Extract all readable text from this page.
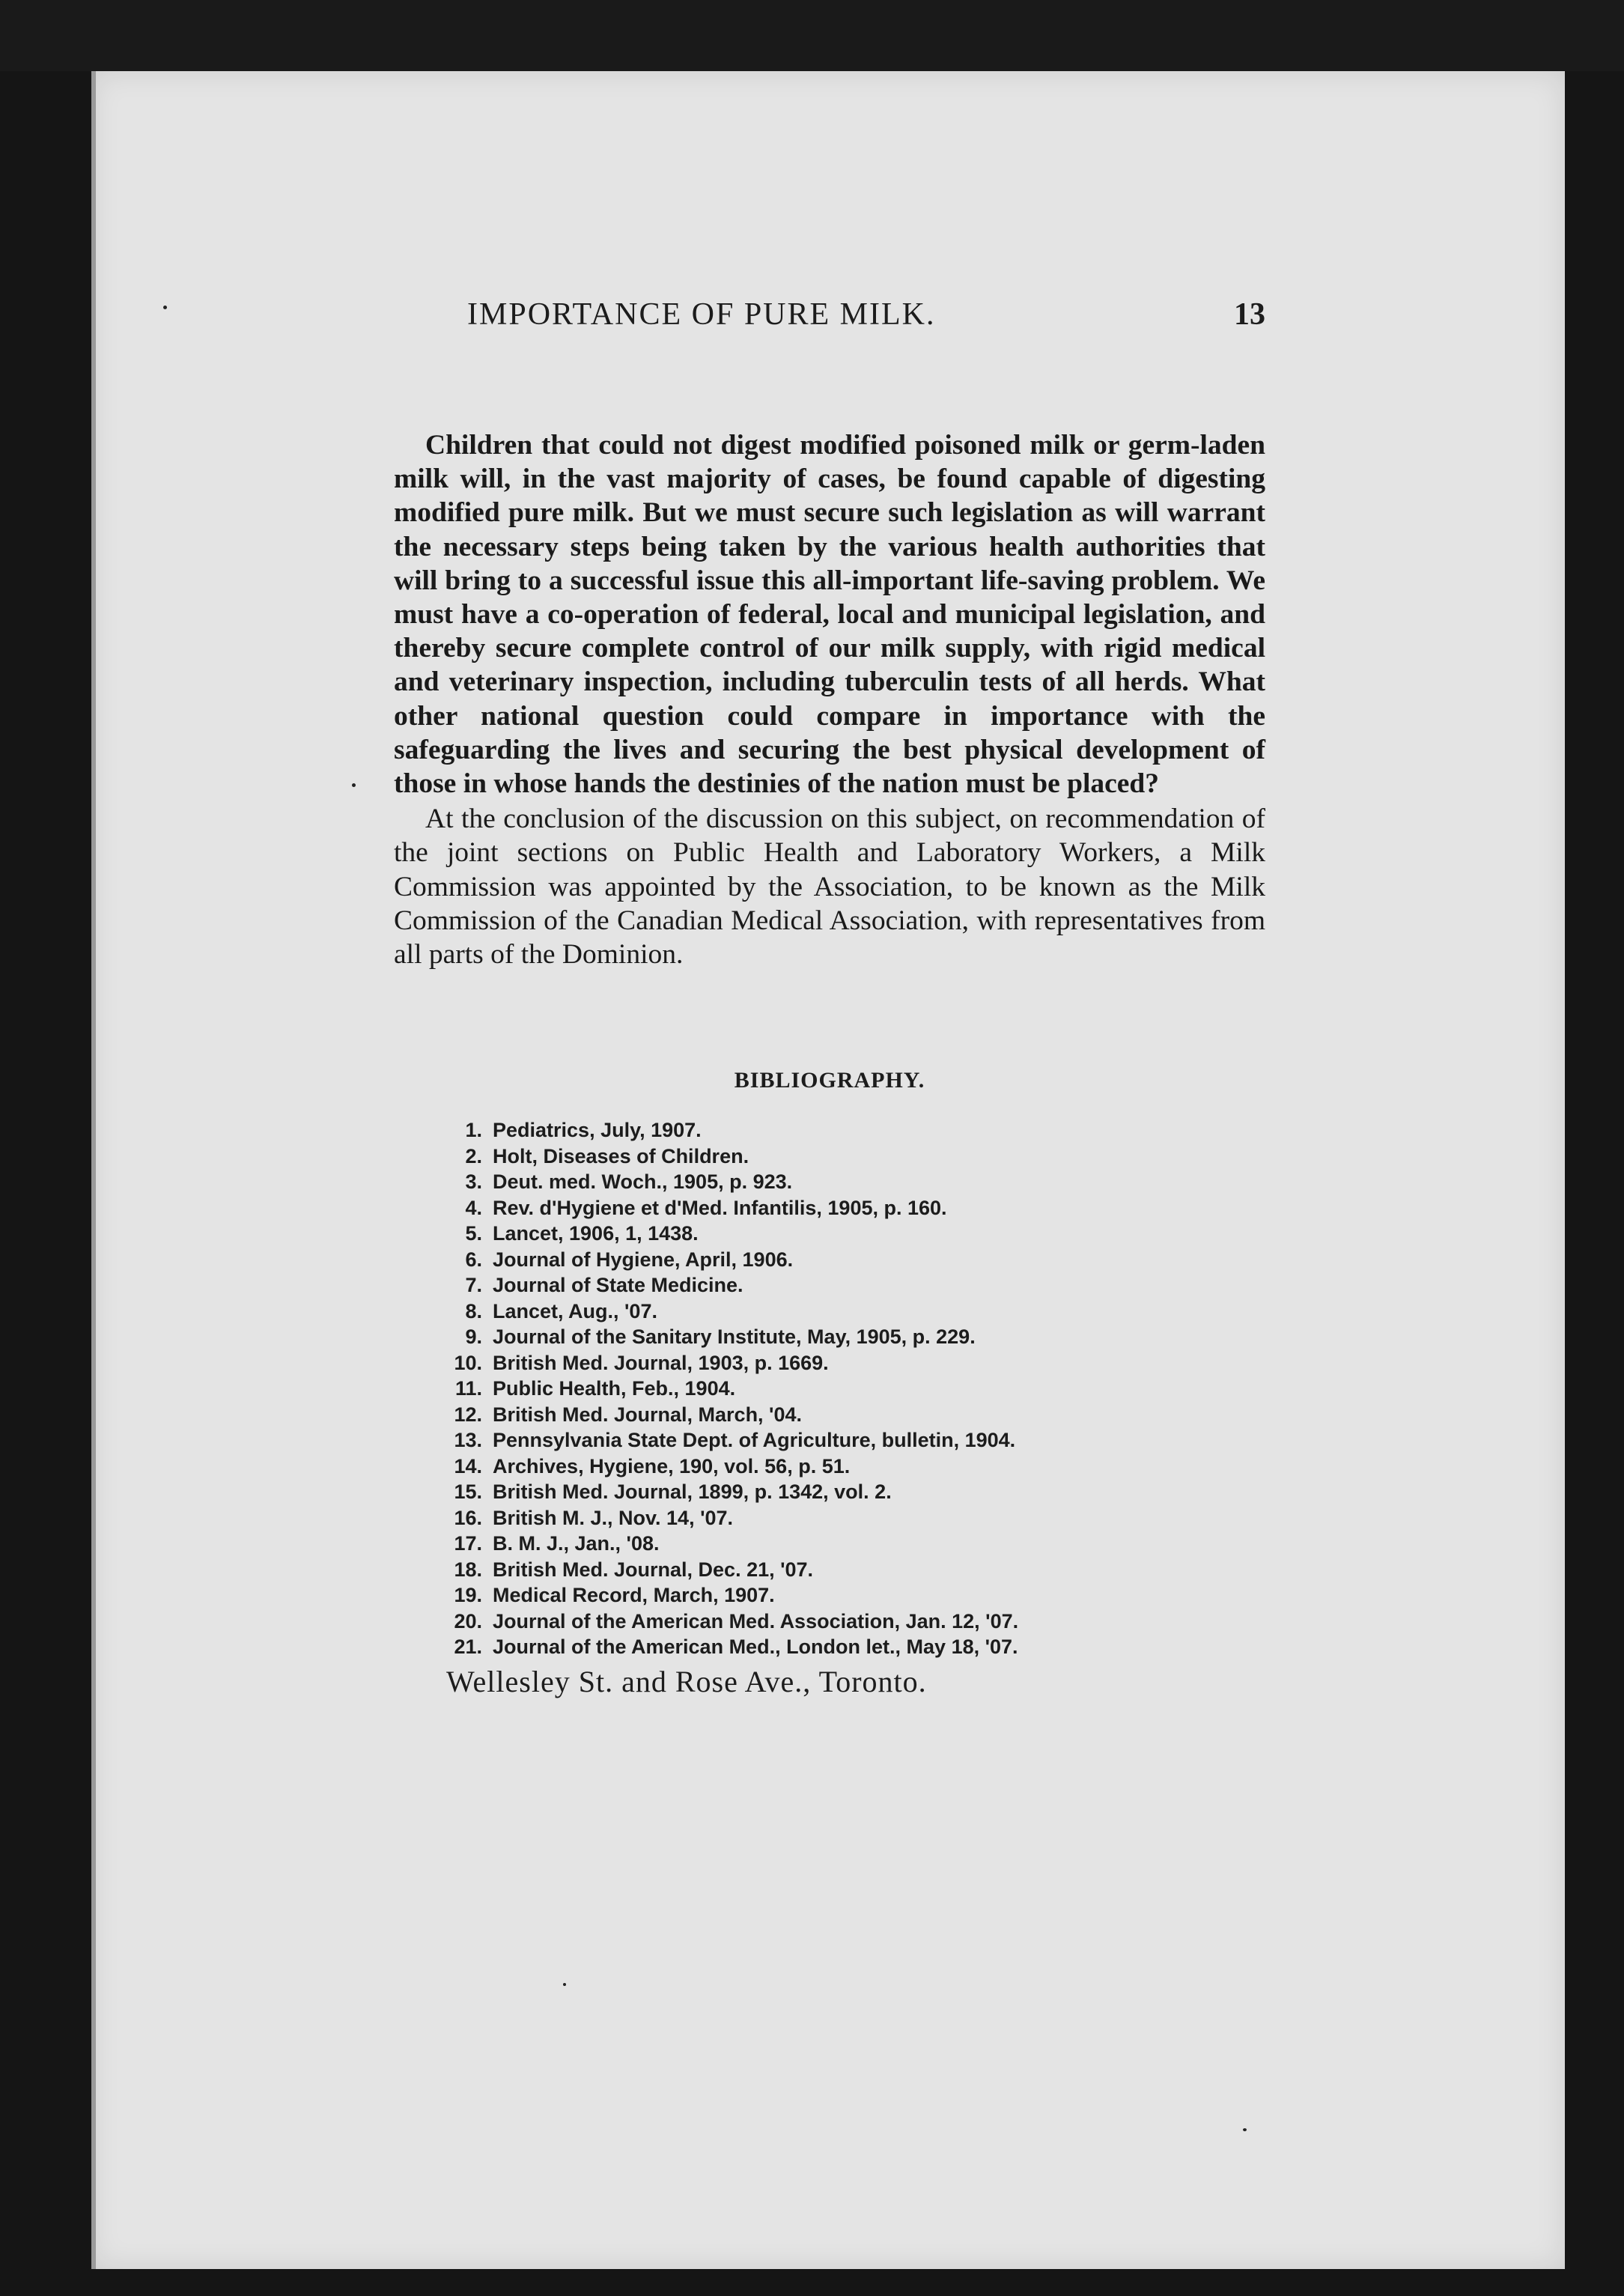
IMPORTANCE OF PURE MILK.	13

Children that could not digest modified poisoned milk or germ-laden milk will, in the vast majority of cases, be found capable of digesting modified pure milk. But we must secure such legislation as will warrant the necessary steps being taken by the various health authorities that will bring to a successful issue this all-important life-saving problem. We must have a co-operation of federal, local and municipal legislation, and thereby secure complete control of our milk supply, with rigid medical and veterinary inspection, including tuberculin tests of all herds. What other national question could compare in importance with the safeguarding the lives and securing the best physical development of those in whose hands the destinies of the nation must be placed?

At the conclusion of the discussion on this subject, on recommendation of the joint sections on Public Health and Laboratory Workers, a Milk Commission was appointed by the Association, to be known as the Milk Commission of the Canadian Medical Association, with representatives from all parts of the Dominion.

BIBLIOGRAPHY.
1. Pediatrics, July, 1907.
2. Holt, Diseases of Children.
3. Deut. med. Woch., 1905, p. 923.
4. Rev. d'Hygiene et d'Med. Infantilis, 1905, p. 160.
5. Lancet, 1906, 1, 1438.
6. Journal of Hygiene, April, 1906.
7. Journal of State Medicine.
8. Lancet, Aug., '07.
9. Journal of the Sanitary Institute, May, 1905, p. 229.
10. British Med. Journal, 1903, p. 1669.
11. Public Health, Feb., 1904.
12. British Med. Journal, March, '04.
13. Pennsylvania State Dept. of Agriculture, bulletin, 1904.
14. Archives, Hygiene, 190, vol. 56, p. 51.
15. British Med. Journal, 1899, p. 1342, vol. 2.
16. British M. J., Nov. 14, '07.
17. B. M. J., Jan., '08.
18. British Med. Journal, Dec. 21, '07.
19. Medical Record, March, 1907.
20. Journal of the American Med. Association, Jan. 12, '07.
21. Journal of the American Med., London let., May 18, '07.
Wellesley St. and Rose Ave., Toronto.
